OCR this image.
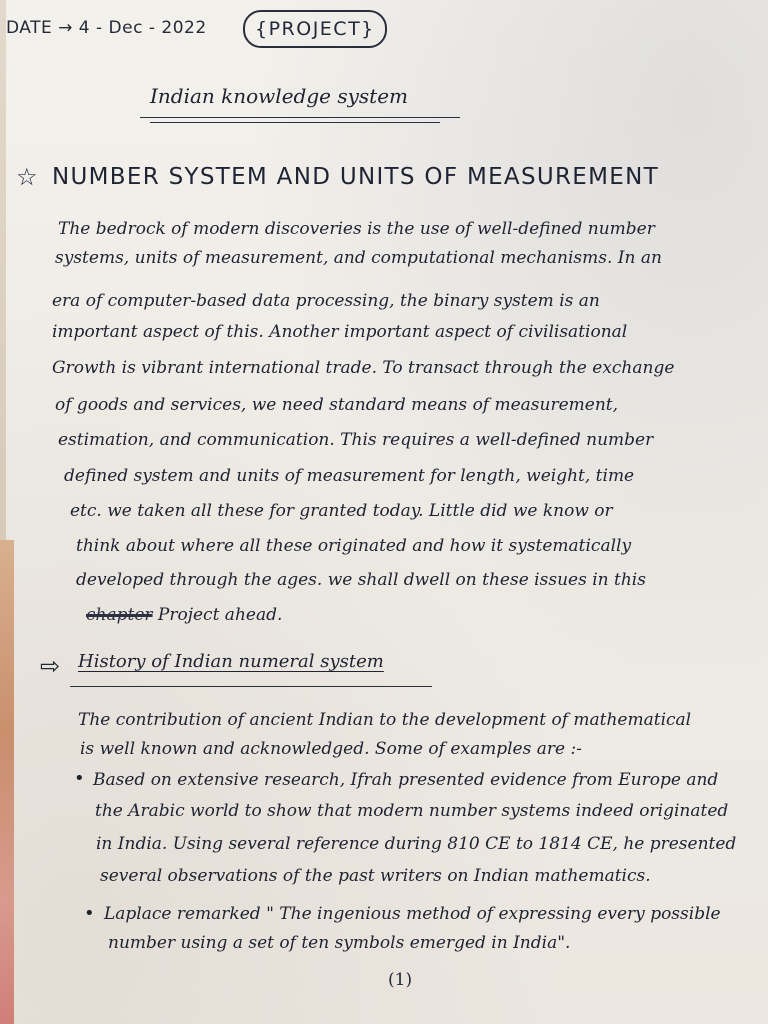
DATE → 4 - Dec - 2022	{PROJECT}
Indian knowledge system
☆ NUMBER SYSTEM AND UNITS OF MEASUREMENT
The bedrock of modern discoveries is the use of well-defined number
systems, units of measurement, and computational mechanisms. In an
era of computer-based data processing, the binary system is an
important aspect of this. Another important aspect of civilisational
Growth is vibrant international trade. To transact through the exchange
of goods and services, we need standard means of measurement,
estimation, and communication. This requires a well-defined number
defined system and units of measurement for length, weight, time
etc. we taken all these for granted today. Little did we know or
think about where all these originated and how it systematically
developed through the ages. we shall dwell on these issues in this
chapter Project ahead.
⇨ History of Indian numeral system
The contribution of ancient Indian to the development of mathematical
is well known and acknowledged. Some of examples are :-
• Based on extensive research, Ifrah presented evidence from Europe and
the Arabic world to show that modern number systems indeed originated
in India. Using several reference during 810 CE to 1814 CE, he presented
several observations of the past writers on Indian mathematics.
• Laplace remarked " The ingenious method of expressing every possible
number using a set of ten symbols emerged in India".
(1)
